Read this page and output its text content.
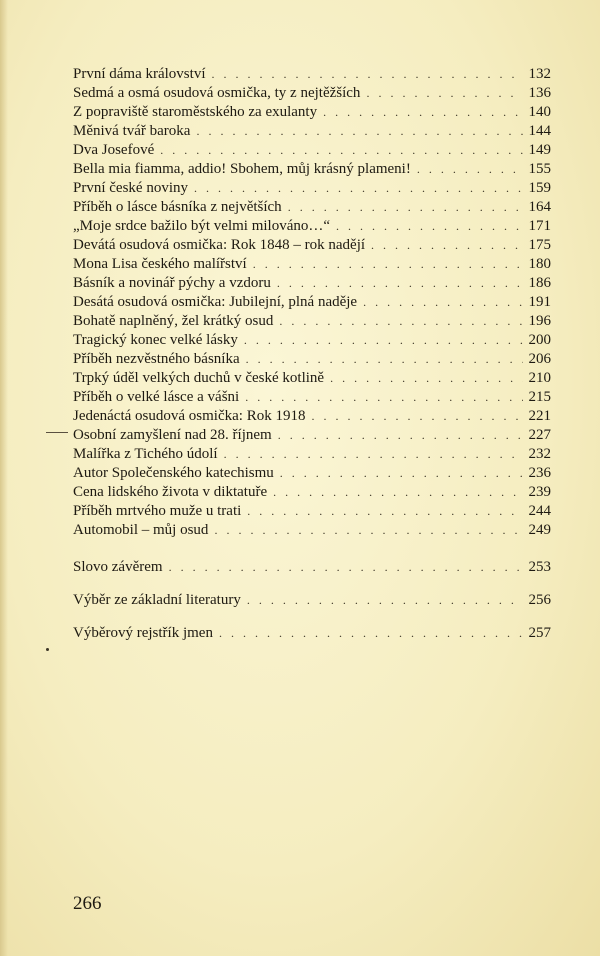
První dáma království . . .	132
Sedmá a osmá osudová osmička, ty z nejtěžších . . .	136
Z popraviště staroměstského za exulanty . . .	140
Měnivá tvář baroka . . .	144
Dva Josefové . . .	149
Bella mia fiamma, addio! Sbohem, můj krásný plameni! . . .	155
První české noviny . . .	159
Příběh o lásce básníka z největších . . .	164
„Moje srdce bažilo být velmi milováno…“ . . .	171
Devátá osudová osmička: Rok 1848 – rok nadějí . . .	175
Mona Lisa českého malířství . . .	180
Básník a novinář pýchy a vzdoru . . .	186
Desátá osudová osmička: Jubilejní, plná naděje . . .	191
Bohatě naplněný, žel krátký osud . . .	196
Tragický konec velké lásky . . .	200
Příběh nezvěstného básníka . . .	206
Trpký úděl velkých duchů v české kotlině . . .	210
Příběh o velké lásce a vášni . . .	215
Jedenáctá osudová osmička: Rok 1918 . . .	221
Osobní zamyšlení nad 28. říjnem . . .	227
Malířka z Tichého údolí . . .	232
Autor Společenského katechismu . . .	236
Cena lidského života v diktatuře . . .	239
Příběh mrtvého muže u trati . . .	244
Automobil – můj osud . . .	249
Slovo závěrem . . .	253
Výběr ze základní literatury . . .	256
Výběrový rejstřík jmen . . .	257
266
